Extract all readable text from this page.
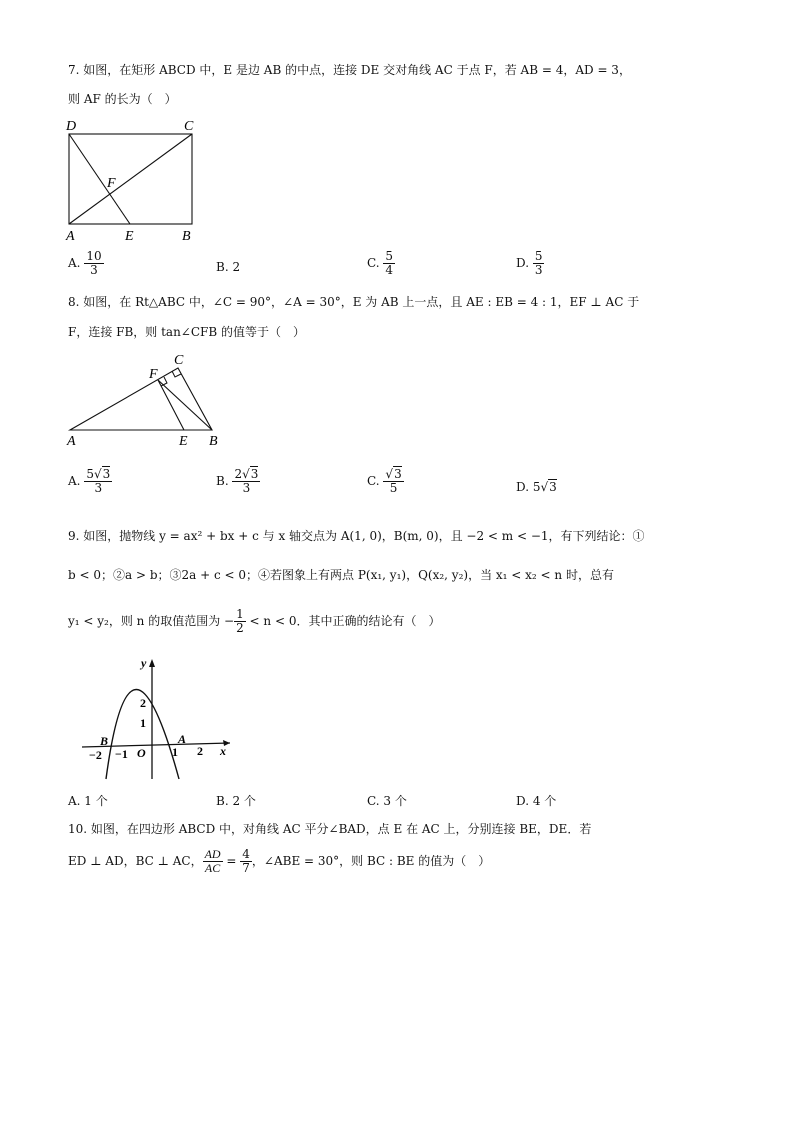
7. 如图，在矩形 ABCD 中，E 是边 AB 的中点，连接 DE 交对角线 AC 于点 F，若 AB = 4，AD = 3，
则 AF 的长为（　）
D	C
F
A	E	B
A. $\frac{10}{3}$	B. 2	C. $\frac{5}{4}$	D. $\frac{5}{3}$
8. 如图，在 Rt△ABC 中，∠C = 90°，∠A = 30°，E 为 AB 上一点，且 AE : EB = 4 : 1，EF ⊥ AC 于
F，连接 FB，则 tan∠CFB 的值等于（　）
C
F
A	E B
A. $\frac{5√3}{3}$	B. $\frac{2√3}{3}$	C. $\frac{√3}{5}$	D. 5√3
9. 如图，抛物线 y = ax² + bx + c 与 x 轴交点为 A(1, 0)，B(m, 0)，且 −2 < m < −1，有下列结论：①
b < 0；②a > b；③2a + c < 0；④若图象上有两点 P(x₁, y₁)，Q(x₂, y₂)，当 x₁ < x₂ < n 时，总有
y₁ < y₂，则 n 的取值范围为 − $\frac{1}{2} < n < 0$．其中正确的结论有（　）
y
x
2
1
B	A
O
−2 −1	1 2
A. 1 个	B. 2 个	C. 3 个	D. 4 个
10. 如图，在四边形 ABCD 中，对角线 AC 平分∠BAD，点 E 在 AC 上，分别连接 BE，DE．若
ED ⊥ AD，BC ⊥ AC， $\frac{AD}{AC} = \frac{4}{7}$ ，∠ABE = 30°，则 BC : BE 的值为（　）
